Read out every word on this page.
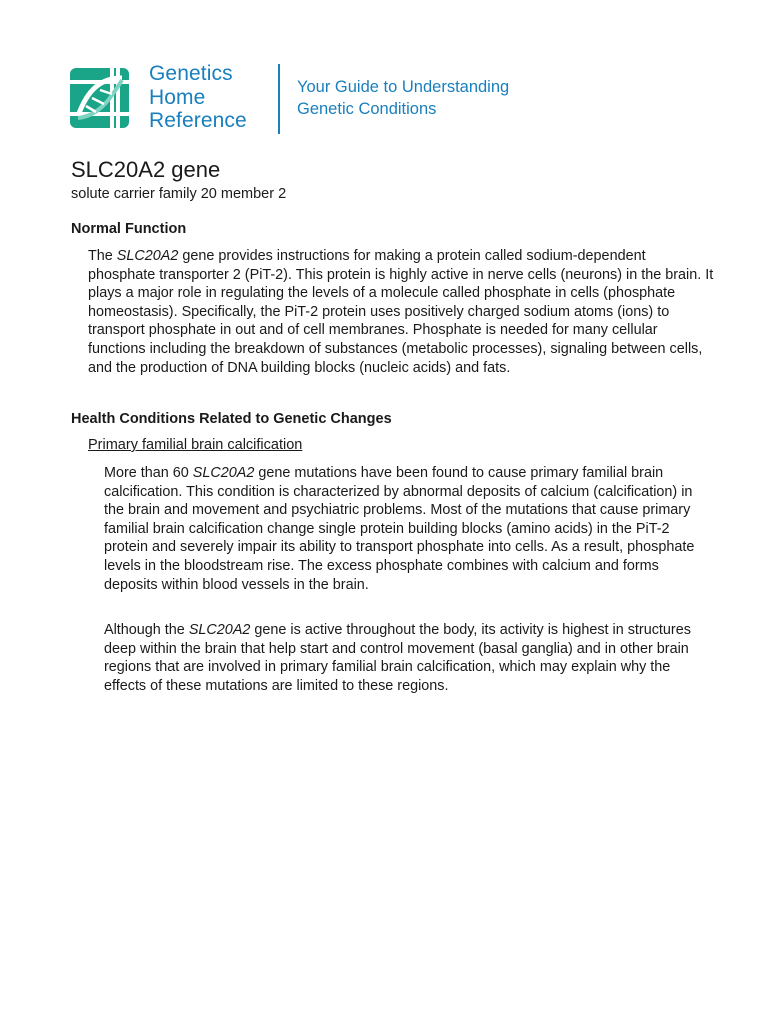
Genetics
Home
Reference
Your Guide to Understanding
Genetic Conditions
SLC20A2 gene

solute carrier family 20 member 2

Normal Function

The SLC20A2 gene provides instructions for making a protein called sodium-dependent phosphate transporter 2 (PiT-2). This protein is highly active in nerve cells (neurons) in the brain. It plays a major role in regulating the levels of a molecule called phosphate in cells (phosphate homeostasis). Specifically, the PiT-2 protein uses positively charged sodium atoms (ions) to transport phosphate in out and of cell membranes. Phosphate is needed for many cellular functions including the breakdown of substances (metabolic processes), signaling between cells, and the production of DNA building blocks (nucleic acids) and fats.

Health Conditions Related to Genetic Changes

Primary familial brain calcification

More than 60 SLC20A2 gene mutations have been found to cause primary familial brain calcification. This condition is characterized by abnormal deposits of calcium (calcification) in the brain and movement and psychiatric problems. Most of the mutations that cause primary familial brain calcification change single protein building blocks (amino acids) in the PiT-2 protein and severely impair its ability to transport phosphate into cells. As a result, phosphate levels in the bloodstream rise. The excess phosphate combines with calcium and forms deposits within blood vessels in the brain.

Although the SLC20A2 gene is active throughout the body, its activity is highest in structures deep within the brain that help start and control movement (basal ganglia) and in other brain regions that are involved in primary familial brain calcification, which may explain why the effects of these mutations are limited to these regions.
